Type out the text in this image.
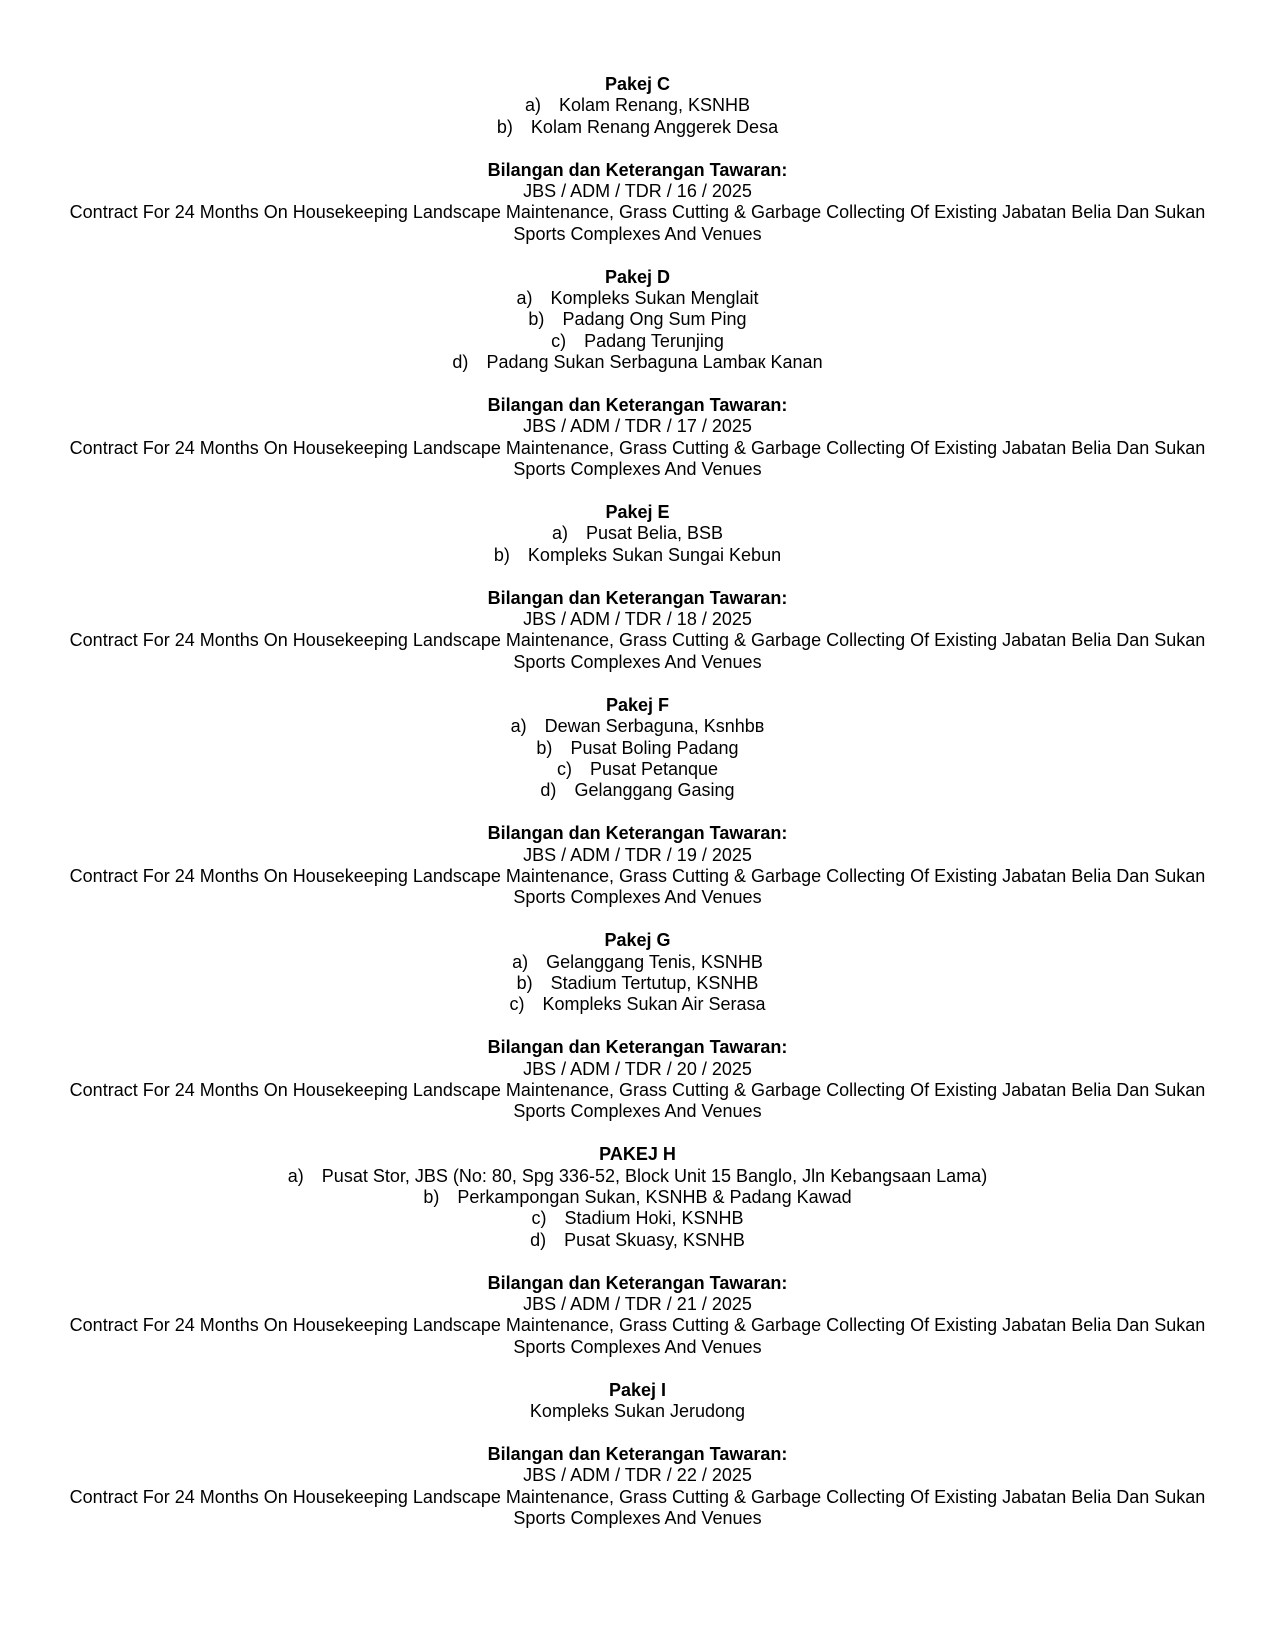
Pakej C
a) Kolam Renang, KSNHB
b) Kolam Renang Anggerek Desa
Bilangan dan Keterangan Tawaran:
JBS / ADM / TDR / 16 / 2025
Contract For 24 Months On Housekeeping Landscape Maintenance, Grass Cutting & Garbage Collecting Of Existing Jabatan Belia Dan Sukan Sports Complexes And Venues
Pakej D
a) Kompleks Sukan Menglait
b) Padang Ong Sum Ping
c) Padang Terunjing
d) Padang Sukan Serbaguna Lambaк Kanan
Bilangan dan Keterangan Tawaran:
JBS / ADM / TDR / 17 / 2025
Contract For 24 Months On Housekeeping Landscape Maintenance, Grass Cutting & Garbage Collecting Of Existing Jabatan Belia Dan Sukan Sports Complexes And Venues
Pakej E
a) Pusat Belia, BSB
b) Kompleks Sukan Sungai Kebun
Bilangan dan Keterangan Tawaran:
JBS / ADM / TDR / 18 / 2025
Contract For 24 Months On Housekeeping Landscape Maintenance, Grass Cutting & Garbage Collecting Of Existing Jabatan Belia Dan Sukan Sports Complexes And Venues
Pakej F
a) Dewan Serbaguna, Ksnhbв
b) Pusat Boling Padang
c) Pusat Petanque
d) Gelanggang Gasing
Bilangan dan Keterangan Tawaran:
JBS / ADM / TDR / 19 / 2025
Contract For 24 Months On Housekeeping Landscape Maintenance, Grass Cutting & Garbage Collecting Of Existing Jabatan Belia Dan Sukan Sports Complexes And Venues
Pakej G
a) Gelanggang Tenis, KSNHB
b) Stadium Tertutup, KSNHB
c) Kompleks Sukan Air Serasa
Bilangan dan Keterangan Tawaran:
JBS / ADM / TDR / 20 / 2025
Contract For 24 Months On Housekeeping Landscape Maintenance, Grass Cutting & Garbage Collecting Of Existing Jabatan Belia Dan Sukan Sports Complexes And Venues
PAKEJ H
a) Pusat Stor, JBS (No: 80, Spg 336-52, Block Unit 15 Banglo, Jln Kebangsaan Lama)
b) Perkampongan Sukan, KSNHB & Padang Kawad
c) Stadium Hoki, KSNHB
d) Pusat Skuasy, KSNHB
Bilangan dan Keterangan Tawaran:
JBS / ADM / TDR / 21 / 2025
Contract For 24 Months On Housekeeping Landscape Maintenance, Grass Cutting & Garbage Collecting Of Existing Jabatan Belia Dan Sukan Sports Complexes And Venues
Pakej I
Kompleks Sukan Jerudong
Bilangan dan Keterangan Tawaran:
JBS / ADM / TDR / 22 / 2025
Contract For 24 Months On Housekeeping Landscape Maintenance, Grass Cutting & Garbage Collecting Of Existing Jabatan Belia Dan Sukan Sports Complexes And Venues
